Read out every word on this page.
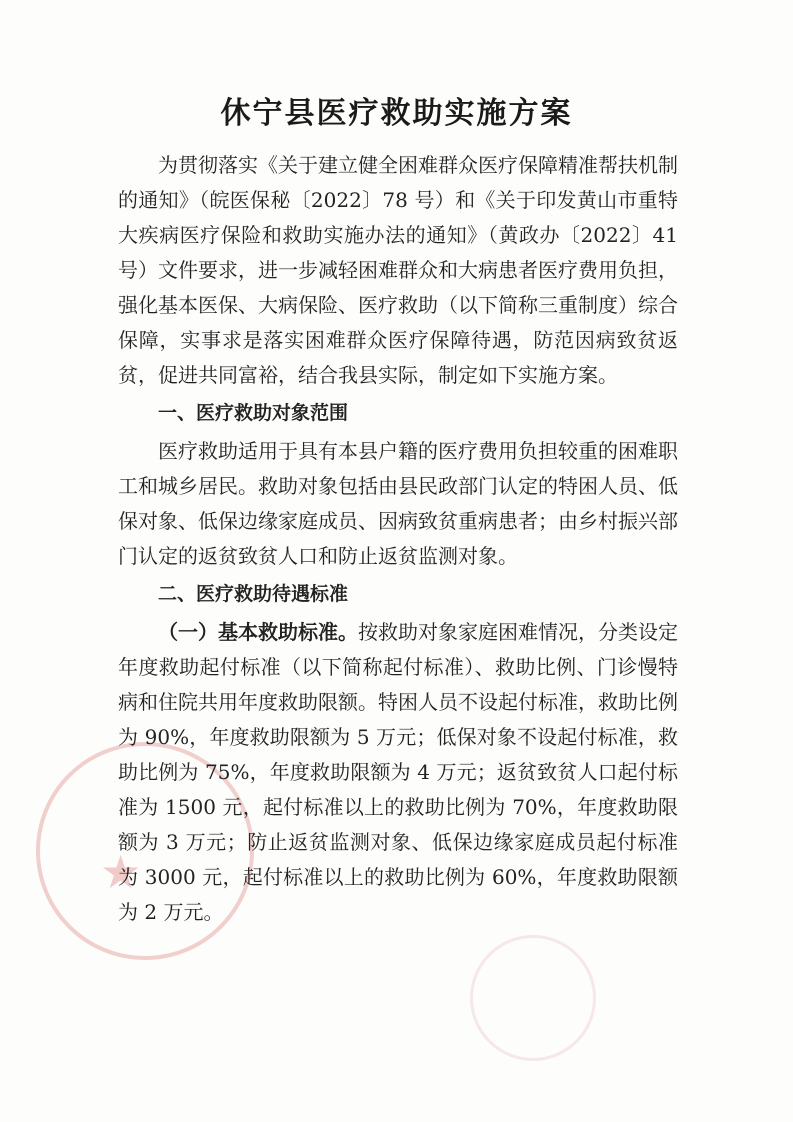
★
休宁县医疗救助实施方案

为贯彻落实《关于建立健全困难群众医疗保障精准帮扶机制的通知》（皖医保秘〔2022〕78 号）和《关于印发黄山市重特大疾病医疗保险和救助实施办法的通知》（黄政办〔2022〕41 号）文件要求，进一步减轻困难群众和大病患者医疗费用负担，强化基本医保、大病保险、医疗救助（以下简称三重制度）综合保障，实事求是落实困难群众医疗保障待遇，防范因病致贫返贫，促进共同富裕，结合我县实际，制定如下实施方案。

一、医疗救助对象范围

医疗救助适用于具有本县户籍的医疗费用负担较重的困难职工和城乡居民。救助对象包括由县民政部门认定的特困人员、低保对象、低保边缘家庭成员、因病致贫重病患者；由乡村振兴部门认定的返贫致贫人口和防止返贫监测对象。

二、医疗救助待遇标准

（一）基本救助标准。按救助对象家庭困难情况，分类设定年度救助起付标准（以下简称起付标准）、救助比例、门诊慢特病和住院共用年度救助限额。特困人员不设起付标准，救助比例为 90%，年度救助限额为 5 万元；低保对象不设起付标准，救助比例为 75%，年度救助限额为 4 万元；返贫致贫人口起付标准为 1500 元，起付标准以上的救助比例为 70%，年度救助限额为 3 万元；防止返贫监测对象、低保边缘家庭成员起付标准为 3000 元，起付标准以上的救助比例为 60%，年度救助限额为 2 万元。
